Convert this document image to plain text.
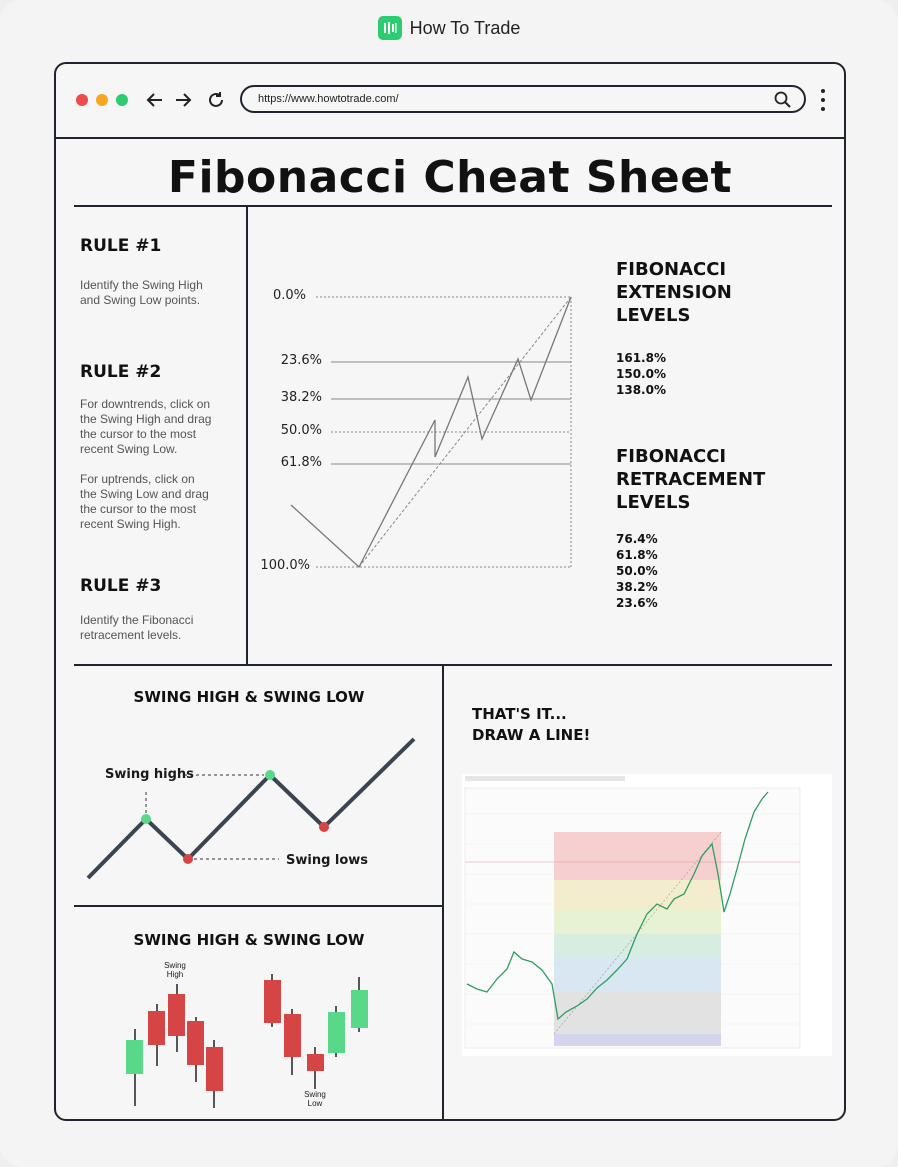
How To Trade
https://www.howtotrade.com/
Fibonacci Cheat Sheet
RULE #1
Identify the Swing High
and Swing Low points.
RULE #2
For downtrends, click on
the Swing High and drag
the cursor to the most
recent Swing Low.
For uptrends, click on
the Swing Low and drag
the cursor to the most
recent Swing High.
RULE #3
Identify the Fibonacci
retracement levels.
0.0%
23.6%
38.2%
50.0%
61.8%
100.0%
FIBONACCI
EXTENSION
LEVELS
161.8%
150.0%
138.0%
FIBONACCI
RETRACEMENT
LEVELS
76.4%
61.8%
50.0%
38.2%
23.6%
SWING HIGH & SWING LOW
Swing highs
Swing lows
SWING HIGH & SWING LOW
Swing
High
Swing
Low
THAT'S IT...
DRAW A LINE!
